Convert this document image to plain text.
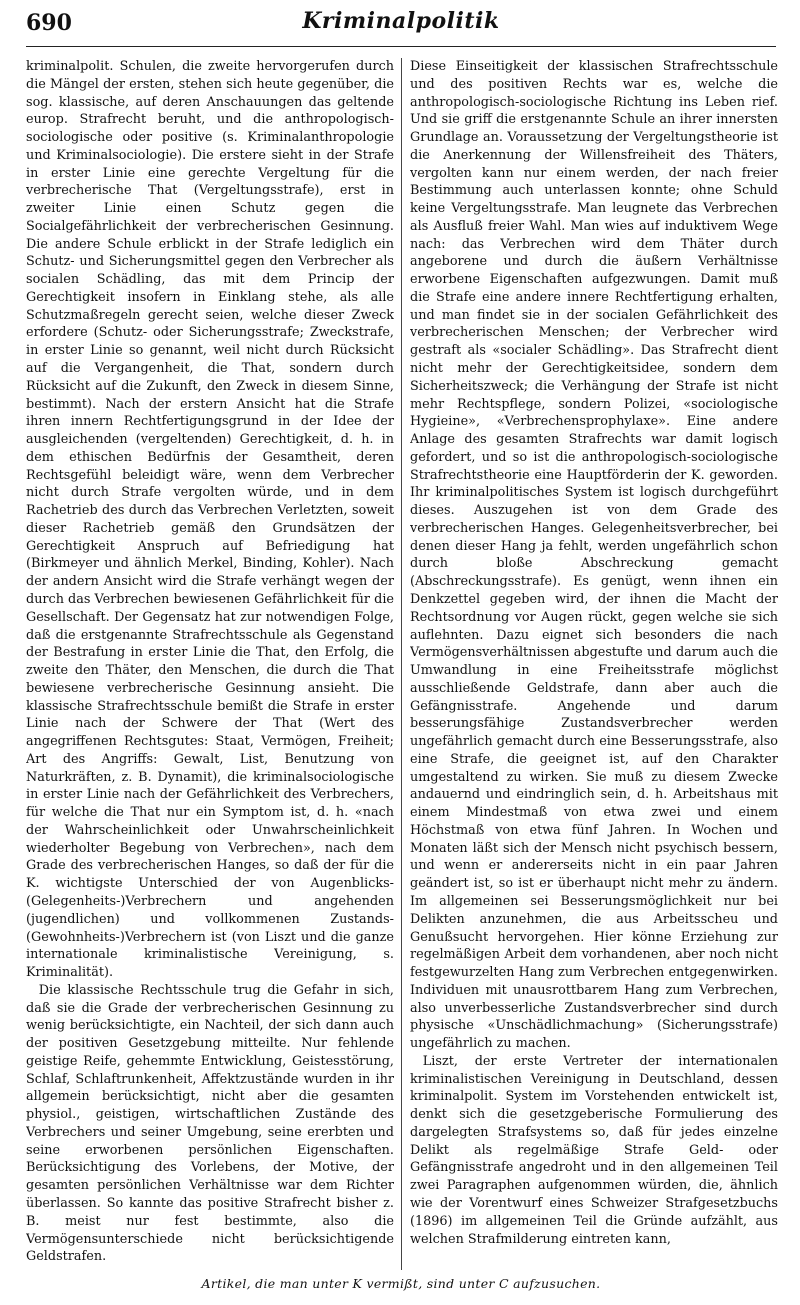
690	Kriminalpolitik

kriminalpolit. Schulen, die zweite hervorgerufen durch die Mängel der ersten, stehen sich heute gegenüber, die sog. klassische, auf deren Anschauungen das geltende europ. Strafrecht beruht, und die anthropologisch-sociologische oder positive (s. Kriminalanthropologie und Kriminalsociologie). Die erstere sieht in der Strafe in erster Linie eine gerechte Vergeltung für die verbrecherische That (Vergeltungsstrafe), erst in zweiter Linie einen Schutz gegen die Socialgefährlichkeit der verbrecherischen Gesinnung. Die andere Schule erblickt in der Strafe lediglich ein Schutz- und Sicherungsmittel gegen den Verbrecher als socialen Schädling, das mit dem Princip der Gerechtigkeit insofern in Einklang stehe, als alle Schutzmaßregeln gerecht seien, welche dieser Zweck erfordere (Schutz- oder Sicherungsstrafe; Zweckstrafe, in erster Linie so genannt, weil nicht durch Rücksicht auf die Vergangenheit, die That, sondern durch Rücksicht auf die Zukunft, den Zweck in diesem Sinne, bestimmt). Nach der erstern Ansicht hat die Strafe ihren innern Rechtfertigungsgrund in der Idee der ausgleichenden (vergeltenden) Gerechtigkeit, d. h. in dem ethischen Bedürfnis der Gesamtheit, deren Rechtsgefühl beleidigt wäre, wenn dem Verbrecher nicht durch Strafe vergolten würde, und in dem Rachetrieb des durch das Verbrechen Verletzten, soweit dieser Rachetrieb gemäß den Grundsätzen der Gerechtigkeit Anspruch auf Befriedigung hat (Birkmeyer und ähnlich Merkel, Binding, Kohler). Nach der andern Ansicht wird die Strafe verhängt wegen der durch das Verbrechen bewiesenen Gefährlichkeit für die Gesellschaft. Der Gegensatz hat zur notwendigen Folge, daß die erstgenannte Strafrechtsschule als Gegenstand der Bestrafung in erster Linie die That, den Erfolg, die zweite den Thäter, den Menschen, die durch die That bewiesene verbrecherische Gesinnung ansieht. Die klassische Strafrechtsschule bemißt die Strafe in erster Linie nach der Schwere der That (Wert des angegriffenen Rechtsgutes: Staat, Vermögen, Freiheit; Art des Angriffs: Gewalt, List, Benutzung von Naturkräften, z. B. Dynamit), die kriminalsociologische in erster Linie nach der Gefährlichkeit des Verbrechers, für welche die That nur ein Symptom ist, d. h. «nach der Wahrscheinlichkeit oder Unwahrscheinlichkeit wiederholter Begebung von Verbrechen», nach dem Grade des verbrecherischen Hanges, so daß der für die K. wichtigste Unterschied der von Augenblicks-(Gelegenheits-)Verbrechern und angehenden (jugendlichen) und vollkommenen Zustands-(Gewohnheits-)Verbrechern ist (von Liszt und die ganze internationale kriminalistische Vereinigung, s. Kriminalität).

Die klassische Rechtsschule trug die Gefahr in sich, daß sie die Grade der verbrecherischen Gesinnung zu wenig berücksichtigte, ein Nachteil, der sich dann auch der positiven Gesetzgebung mitteilte. Nur fehlende geistige Reife, gehemmte Entwicklung, Geistesstörung, Schlaf, Schlaftrunkenheit, Affektzustände wurden in ihr allgemein berücksichtigt, nicht aber die gesamten physiol., geistigen, wirtschaftlichen Zustände des Verbrechers und seiner Umgebung, seine ererbten und seine erworbenen persönlichen Eigenschaften. Berücksichtigung des Vorlebens, der Motive, der gesamten persönlichen Verhältnisse war dem Richter überlassen. So kannte das positive Strafrecht bisher z. B. meist nur fest bestimmte, also die Vermögensunterschiede nicht berücksichtigende Geldstrafen.

Diese Einseitigkeit der klassischen Strafrechtsschule und des positiven Rechts war es, welche die anthropologisch-sociologische Richtung ins Leben rief. Und sie griff die erstgenannte Schule an ihrer innersten Grundlage an. Voraussetzung der Vergeltungstheorie ist die Anerkennung der Willensfreiheit des Thäters, vergolten kann nur einem werden, der nach freier Bestimmung auch unterlassen konnte; ohne Schuld keine Vergeltungsstrafe. Man leugnete das Verbrechen als Ausfluß freier Wahl. Man wies auf induktivem Wege nach: das Verbrechen wird dem Thäter durch angeborene und durch die äußern Verhältnisse erworbene Eigenschaften aufgezwungen. Damit muß die Strafe eine andere innere Rechtfertigung erhalten, und man findet sie in der socialen Gefährlichkeit des verbrecherischen Menschen; der Verbrecher wird gestraft als «socialer Schädling». Das Strafrecht dient nicht mehr der Gerechtigkeitsidee, sondern dem Sicherheitszweck; die Verhängung der Strafe ist nicht mehr Rechtspflege, sondern Polizei, «sociologische Hygieine», «Verbrechensprophylaxe». Eine andere Anlage des gesamten Strafrechts war damit logisch gefordert, und so ist die anthropologisch-sociologische Strafrechtstheorie eine Hauptförderin der K. geworden. Ihr kriminalpolitisches System ist logisch durchgeführt dieses. Auszugehen ist von dem Grade des verbrecherischen Hanges. Gelegenheitsverbrecher, bei denen dieser Hang ja fehlt, werden ungefährlich schon durch bloße Abschreckung gemacht (Abschreckungsstrafe). Es genügt, wenn ihnen ein Denkzettel gegeben wird, der ihnen die Macht der Rechtsordnung vor Augen rückt, gegen welche sie sich auflehnten. Dazu eignet sich besonders die nach Vermögensverhältnissen abgestufte und darum auch die Umwandlung in eine Freiheitsstrafe möglichst ausschließende Geldstrafe, dann aber auch die Gefängnisstrafe. Angehende und darum besserungsfähige Zustandsverbrecher werden ungefährlich gemacht durch eine Besserungsstrafe, also eine Strafe, die geeignet ist, auf den Charakter umgestaltend zu wirken. Sie muß zu diesem Zwecke andauernd und eindringlich sein, d. h. Arbeitshaus mit einem Mindestmaß von etwa zwei und einem Höchstmaß von etwa fünf Jahren. In Wochen und Monaten läßt sich der Mensch nicht psychisch bessern, und wenn er andererseits nicht in ein paar Jahren geändert ist, so ist er überhaupt nicht mehr zu ändern. Im allgemeinen sei Besserungsmöglichkeit nur bei Delikten anzunehmen, die aus Arbeitsscheu und Genußsucht hervorgehen. Hier könne Erziehung zur regelmäßigen Arbeit dem vorhandenen, aber noch nicht festgewurzelten Hang zum Verbrechen entgegenwirken. Individuen mit unausrottbarem Hang zum Verbrechen, also unverbesserliche Zustandsverbrecher sind durch physische «Unschädlichmachung» (Sicherungsstrafe) ungefährlich zu machen.

Liszt, der erste Vertreter der internationalen kriminalistischen Vereinigung in Deutschland, dessen kriminalpolit. System im Vorstehenden entwickelt ist, denkt sich die gesetzgeberische Formulierung des dargelegten Strafsystems so, daß für jedes einzelne Delikt als regelmäßige Strafe Geld- oder Gefängnisstrafe angedroht und in den allgemeinen Teil zwei Paragraphen aufgenommen würden, die, ähnlich wie der Vorentwurf eines Schweizer Strafgesetzbuchs (1896) im allgemeinen Teil die Gründe aufzählt, aus welchen Strafmilderung eintreten kann,

Artikel, die man unter K vermißt, sind unter C aufzusuchen.
